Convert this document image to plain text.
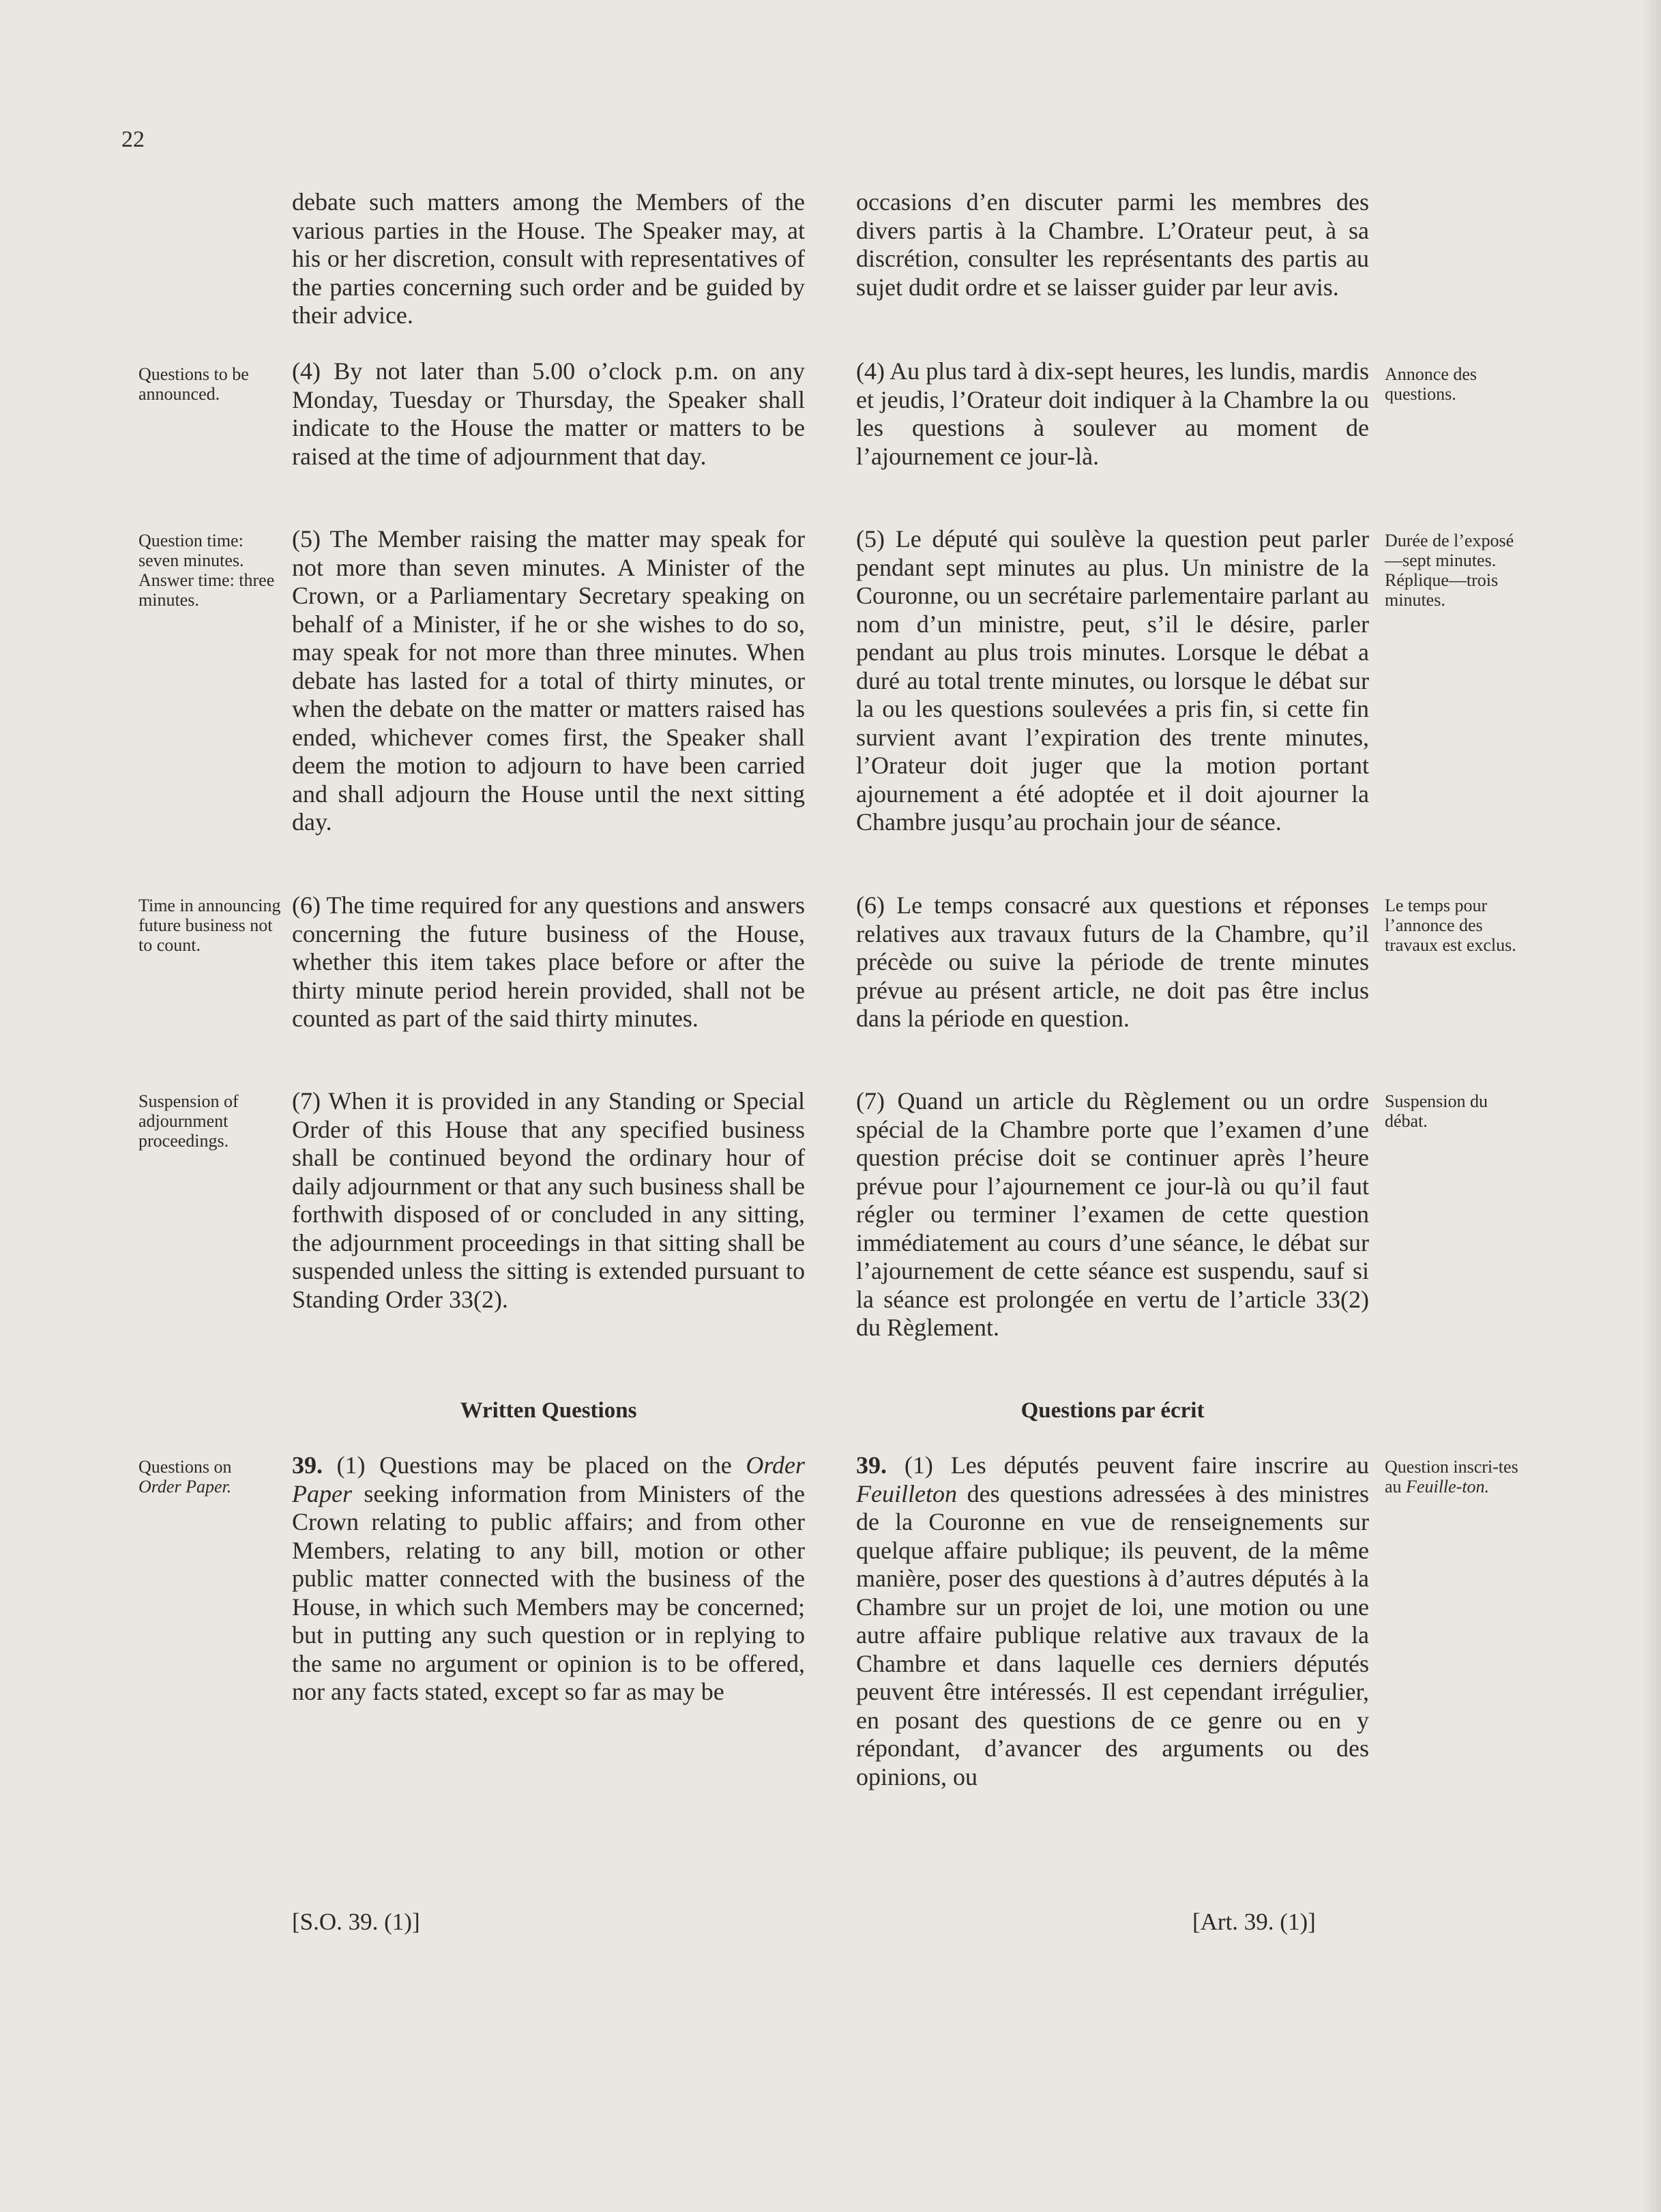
22

debate such matters among the Members of the various parties in the House. The Speaker may, at his or her discretion, consult with representatives of the parties concerning such order and be guided by their advice.

occasions d’en discuter parmi les membres des divers partis à la Chambre. L’Orateur peut, à sa discrétion, consulter les représentants des partis au sujet dudit ordre et se laisser guider par leur avis.

Questions to be announced.

(4) By not later than 5.00 o’clock p.m. on any Monday, Tuesday or Thursday, the Speaker shall indicate to the House the matter or matters to be raised at the time of adjournment that day.

(4) Au plus tard à dix-sept heures, les lundis, mardis et jeudis, l’Orateur doit indiquer à la Chambre la ou les questions à soulever au moment de l’ajournement ce jour-là.

Annonce des questions.

Question time: seven minutes. Answer time: three minutes.

(5) The Member raising the matter may speak for not more than seven minutes. A Minister of the Crown, or a Parliamentary Secretary speaking on behalf of a Minister, if he or she wishes to do so, may speak for not more than three minutes. When debate has lasted for a total of thirty minutes, or when the debate on the matter or matters raised has ended, whichever comes first, the Speaker shall deem the motion to adjourn to have been carried and shall adjourn the House until the next sitting day.

(5) Le député qui soulève la question peut parler pendant sept minutes au plus. Un ministre de la Couronne, ou un secrétaire parlementaire parlant au nom d’un ministre, peut, s’il le désire, parler pendant au plus trois minutes. Lorsque le débat a duré au total trente minutes, ou lorsque le débat sur la ou les questions soulevées a pris fin, si cette fin survient avant l’expiration des trente minutes, l’Orateur doit juger que la motion portant ajournement a été adoptée et il doit ajourner la Chambre jusqu’au prochain jour de séance.

Durée de l’exposé—sept minutes. Réplique—trois minutes.

Time in announcing future business not to count.

(6) The time required for any questions and answers concerning the future business of the House, whether this item takes place before or after the thirty minute period herein provided, shall not be counted as part of the said thirty minutes.

(6) Le temps consacré aux questions et réponses relatives aux travaux futurs de la Chambre, qu’il précède ou suive la période de trente minutes prévue au présent article, ne doit pas être inclus dans la période en question.

Le temps pour l’annonce des travaux est exclus.

Suspension of adjournment proceedings.

(7) When it is provided in any Standing or Special Order of this House that any specified business shall be continued beyond the ordinary hour of daily adjournment or that any such business shall be forthwith disposed of or concluded in any sitting, the adjournment proceedings in that sitting shall be suspended unless the sitting is extended pursuant to Standing Order 33(2).

(7) Quand un article du Règlement ou un ordre spécial de la Chambre porte que l’examen d’une question précise doit se continuer après l’heure prévue pour l’ajournement ce jour-là ou qu’il faut régler ou terminer l’examen de cette question immédiatement au cours d’une séance, le débat sur l’ajournement de cette séance est suspendu, sauf si la séance est prolongée en vertu de l’article 33(2) du Règlement.

Suspension du débat.

Written Questions	Questions par écrit

Questions on
Order Paper.

39. (1) Questions may be placed on the Order Paper seeking information from Ministers of the Crown relating to public affairs; and from other Members, relating to any bill, motion or other public matter connected with the business of the House, in which such Members may be concerned; but in putting any such question or in replying to the same no argument or opinion is to be offered, nor any facts stated, except so far as may be

39. (1) Les députés peuvent faire inscrire au Feuilleton des questions adressées à des ministres de la Couronne en vue de renseignements sur quelque affaire publique; ils peuvent, de la même manière, poser des questions à d’autres députés à la Chambre sur un projet de loi, une motion ou une autre affaire publique relative aux travaux de la Chambre et dans laquelle ces derniers députés peuvent être intéressés. Il est cependant irrégulier, en posant des questions de ce genre ou en y répondant, d’avancer des arguments ou des opinions, ou

Question inscri-tes au Feuille-ton.

[S.O. 39. (1)]	[Art. 39. (1)]
